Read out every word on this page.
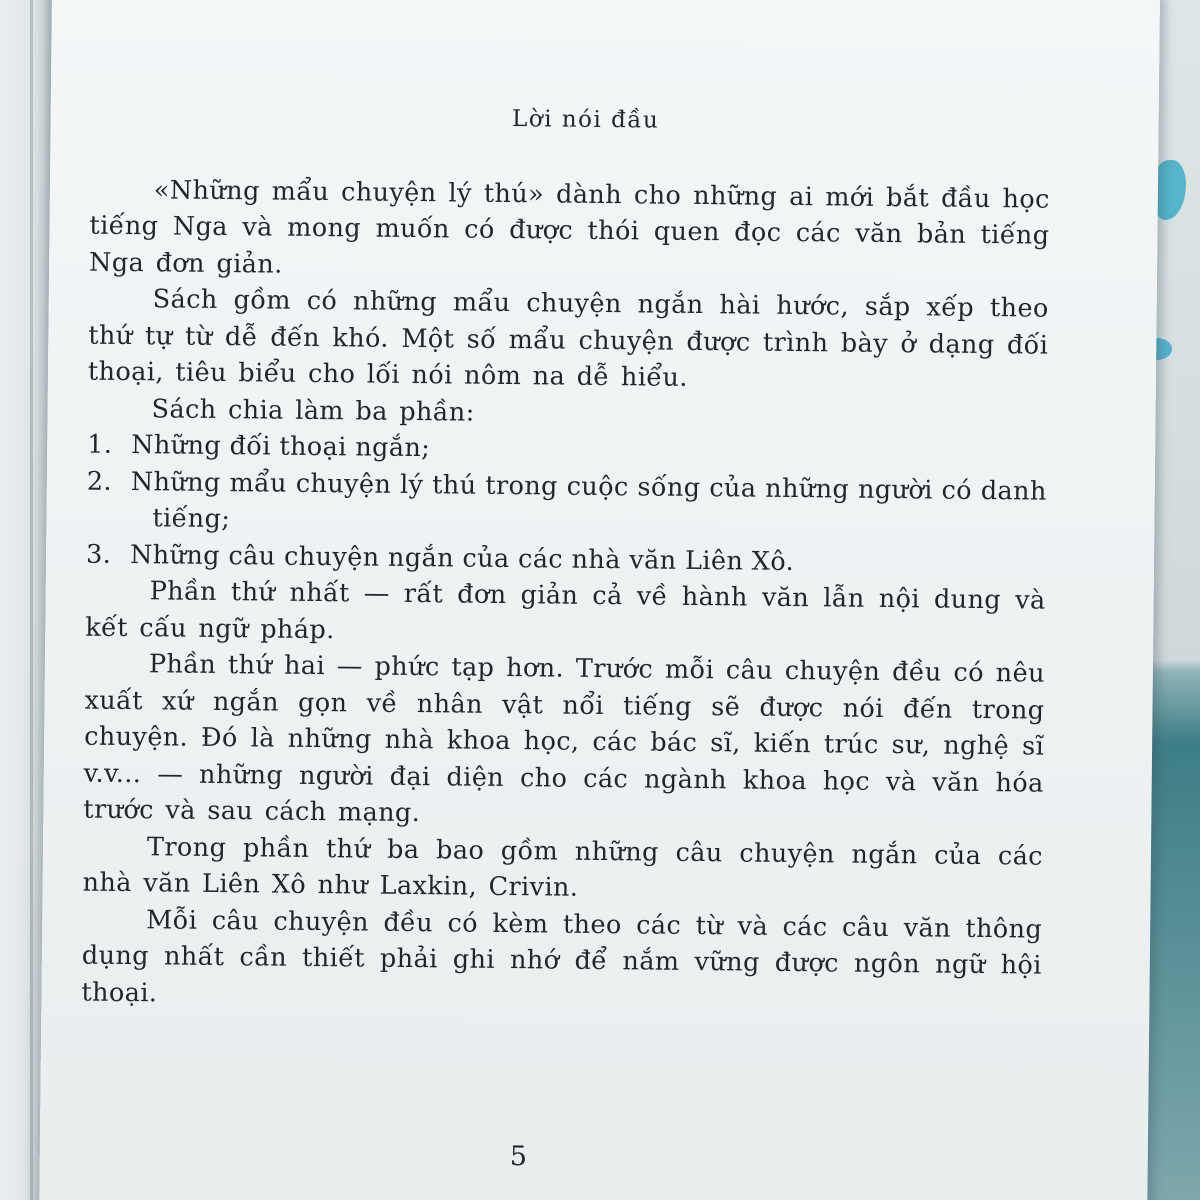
Lời nói đầu

«Những mẩu chuyện lý thú» dành cho những ai mới bắt đầu học tiếng Nga và mong muốn có được thói quen đọc các văn bản tiếng Nga đơn giản.

Sách gồm có những mẩu chuyện ngắn hài hước, sắp xếp theo thứ tự từ dễ đến khó. Một số mẩu chuyện được trình bày ở dạng đối thoại, tiêu biểu cho lối nói nôm na dễ hiểu.

Sách chia làm ba phần:

1. Những đối thoại ngắn;
2. Những mẩu chuyện lý thú trong cuộc sống của những người có danh tiếng;
3. Những câu chuyện ngắn của các nhà văn Liên Xô.

Phần thứ nhất — rất đơn giản cả về hành văn lẫn nội dung và kết cấu ngữ pháp.

Phần thứ hai — phức tạp hơn. Trước mỗi câu chuyện đều có nêu xuất xứ ngắn gọn về nhân vật nổi tiếng sẽ được nói đến trong chuyện. Đó là những nhà khoa học, các bác sĩ, kiến trúc sư, nghệ sĩ v.v... — những người đại diện cho các ngành khoa học và văn hóa trước và sau cách mạng.

Trong phần thứ ba bao gồm những câu chuyện ngắn của các nhà văn Liên Xô như Laxkin, Crivin.

Mỗi câu chuyện đều có kèm theo các từ và các câu văn thông dụng nhất cần thiết phải ghi nhớ để nắm vững được ngôn ngữ hội thoại.

5
